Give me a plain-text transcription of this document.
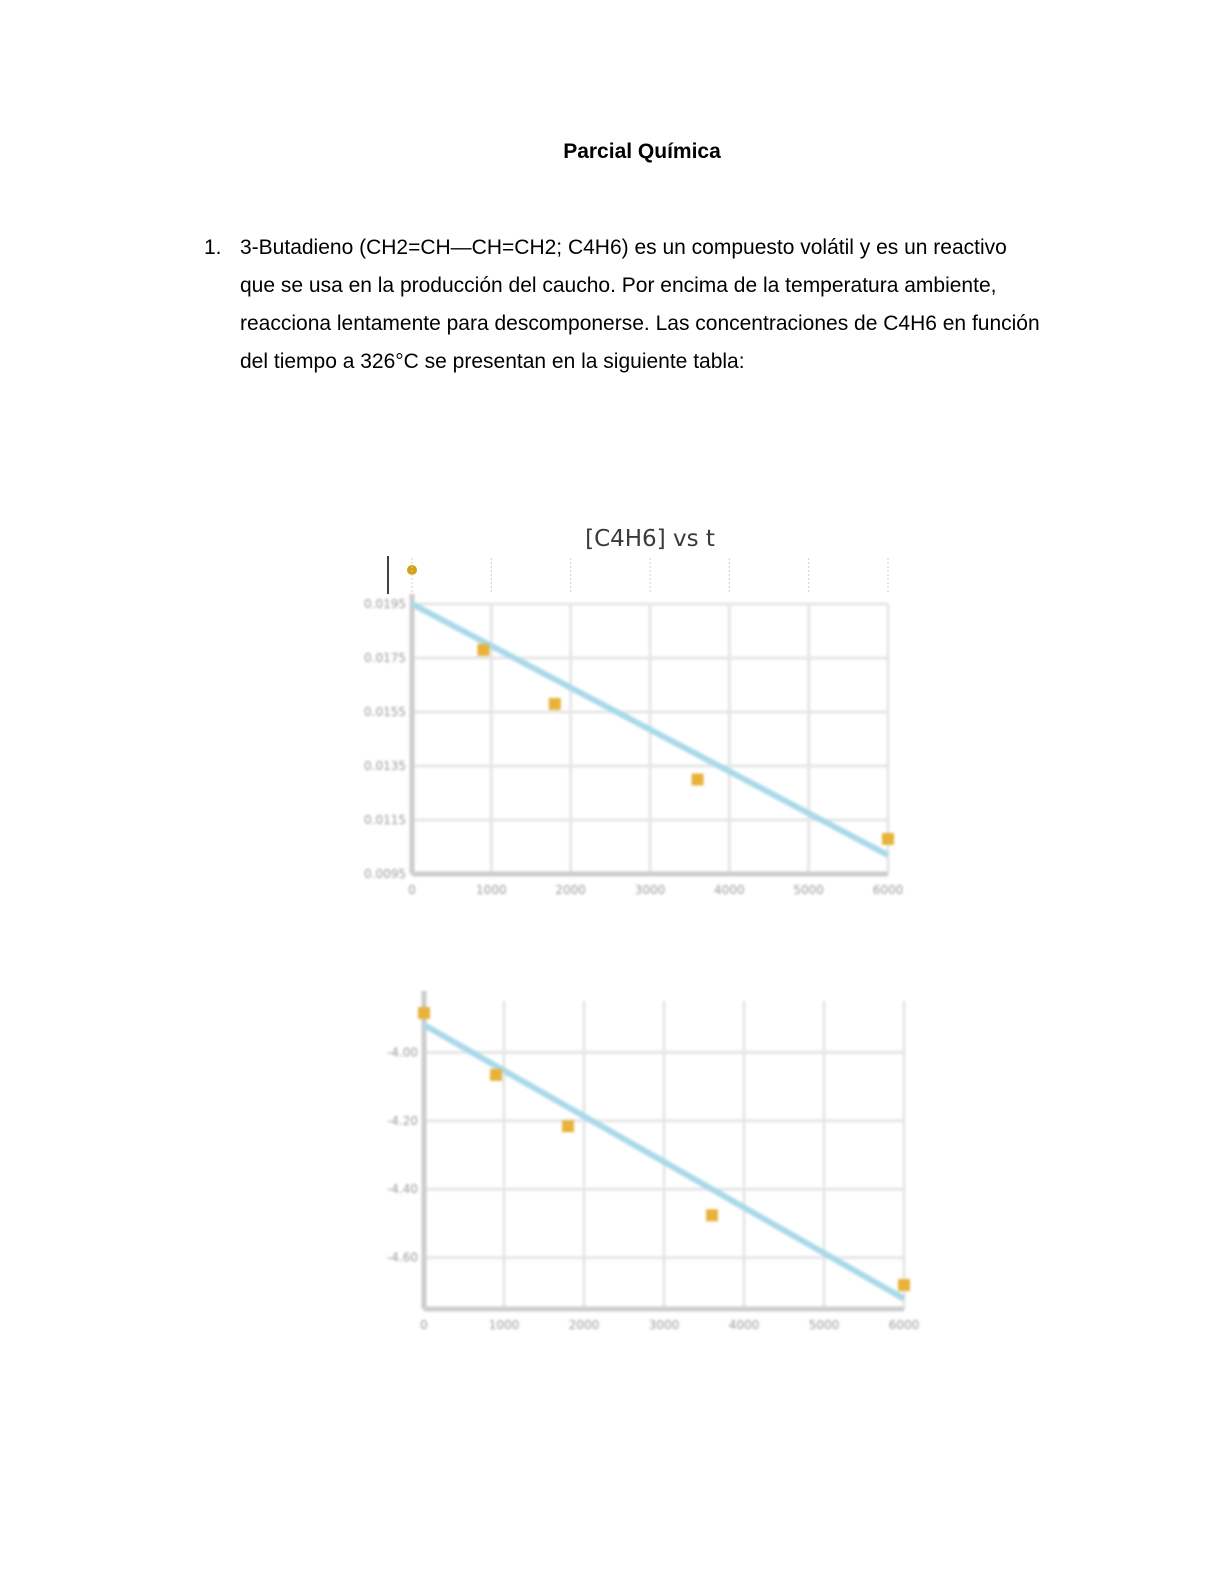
Parcial Química
1. 3-Butadieno (CH2=CH—CH=CH2; C4H6) es un compuesto volátil y es un reactivo que se usa en la producción del caucho. Por encima de la temperatura ambiente, reacciona lentamente para descomponerse. Las concentraciones de C4H6 en función del tiempo a 326°C se presentan en la siguiente tabla:
[C4H6] vs t
0	1000	2000	3000	4000	5000	6000
0.0095
0.0115
0.0135
0.0155
0.0175
0.0195
0	1000	2000	3000	4000	5000	6000
-4.00
-4.20
-4.40
-4.60
